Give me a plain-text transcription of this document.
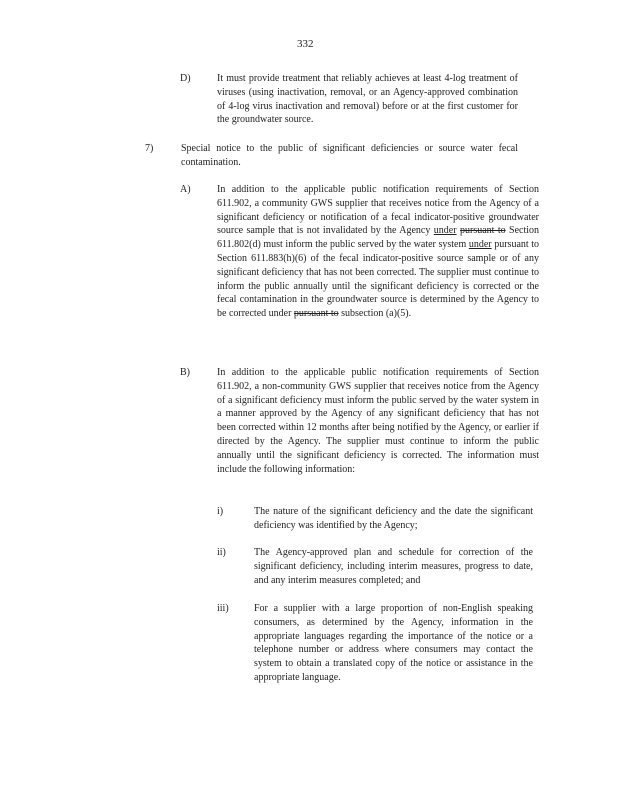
332
D)	It must provide treatment that reliably achieves at least 4-log treatment of viruses (using inactivation, removal, or an Agency-approved combination of 4-log virus inactivation and removal) before or at the first customer for the groundwater source.
7)	Special notice to the public of significant deficiencies or source water fecal contamination.
A)	In addition to the applicable public notification requirements of Section 611.902, a community GWS supplier that receives notice from the Agency of a significant deficiency or notification of a fecal indicator-positive groundwater source sample that is not invalidated by the Agency under pursuant to Section 611.802(d) must inform the public served by the water system under pursuant to Section 611.883(h)(6) of the fecal indicator-positive source sample or of any significant deficiency that has not been corrected. The supplier must continue to inform the public annually until the significant deficiency is corrected or the fecal contamination in the groundwater source is determined by the Agency to be corrected under pursuant to subsection (a)(5).
B)	In addition to the applicable public notification requirements of Section 611.902, a non-community GWS supplier that receives notice from the Agency of a significant deficiency must inform the public served by the water system in a manner approved by the Agency of any significant deficiency that has not been corrected within 12 months after being notified by the Agency, or earlier if directed by the Agency. The supplier must continue to inform the public annually until the significant deficiency is corrected. The information must include the following information:
i)	The nature of the significant deficiency and the date the significant deficiency was identified by the Agency;
ii)	The Agency-approved plan and schedule for correction of the significant deficiency, including interim measures, progress to date, and any interim measures completed; and
iii)	For a supplier with a large proportion of non-English speaking consumers, as determined by the Agency, information in the appropriate languages regarding the importance of the notice or a telephone number or address where consumers may contact the system to obtain a translated copy of the notice or assistance in the appropriate language.
